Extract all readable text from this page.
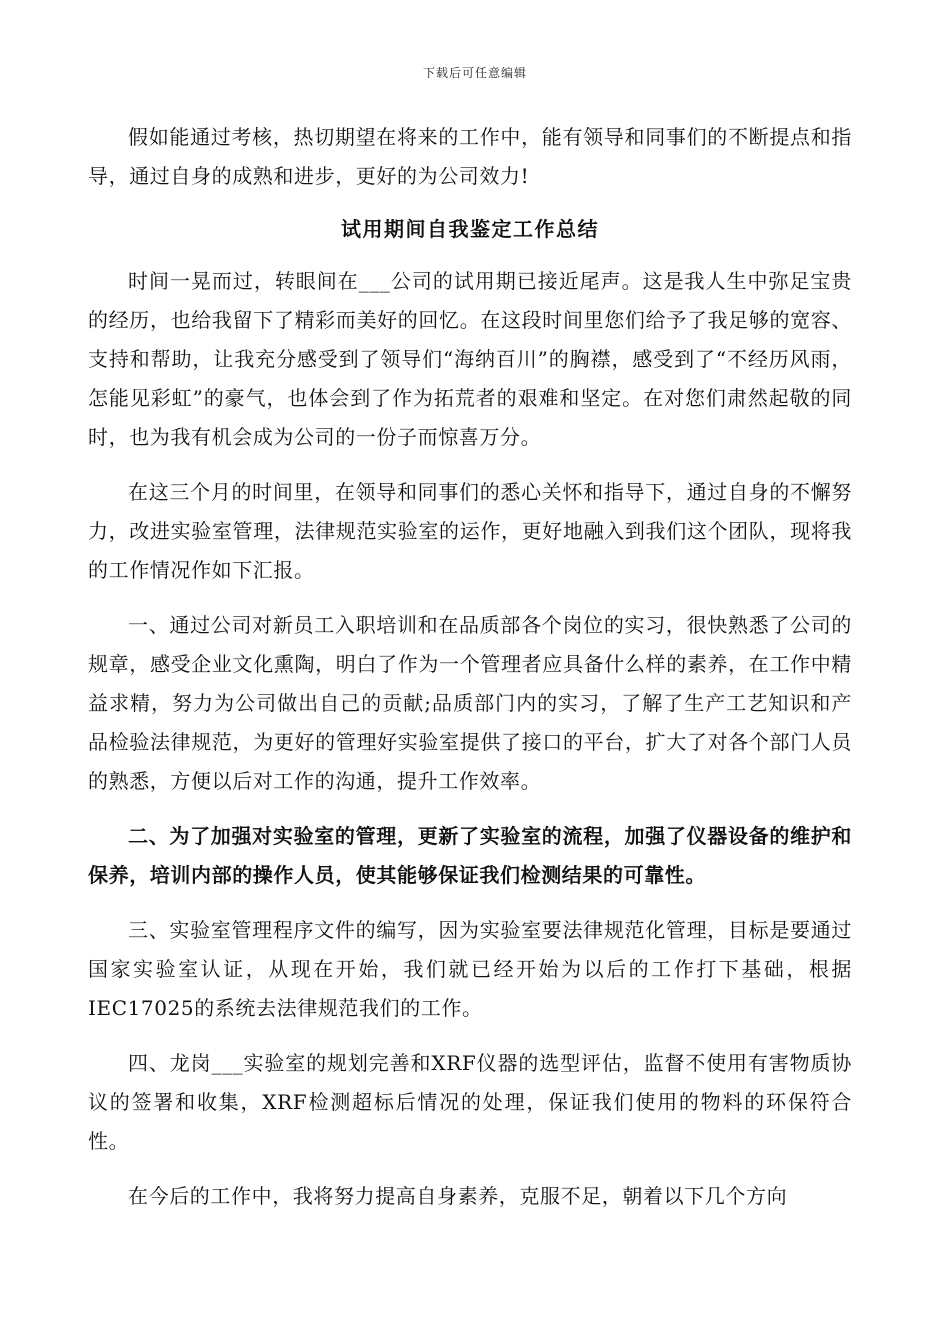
下载后可任意编辑

假如能通过考核，热切期望在将来的工作中，能有领导和同事们的不断提点和指导，通过自身的成熟和进步，更好的为公司效力!

试用期间自我鉴定工作总结

时间一晃而过，转眼间在___公司的试用期已接近尾声。这是我人生中弥足宝贵的经历，也给我留下了精彩而美好的回忆。在这段时间里您们给予了我足够的宽容、支持和帮助，让我充分感受到了领导们“海纳百川”的胸襟，感受到了“不经历风雨，怎能见彩虹”的豪气，也体会到了作为拓荒者的艰难和坚定。在对您们肃然起敬的同时，也为我有机会成为公司的一份子而惊喜万分。

在这三个月的时间里，在领导和同事们的悉心关怀和指导下，通过自身的不懈努力，改进实验室管理，法律规范实验室的运作，更好地融入到我们这个团队，现将我的工作情况作如下汇报。

一、通过公司对新员工入职培训和在品质部各个岗位的实习，很快熟悉了公司的规章，感受企业文化熏陶，明白了作为一个管理者应具备什么样的素养，在工作中精益求精，努力为公司做出自己的贡献;品质部门内的实习，了解了生产工艺知识和产品检验法律规范，为更好的管理好实验室提供了接口的平台，扩大了对各个部门人员的熟悉，方便以后对工作的沟通，提升工作效率。

二、为了加强对实验室的管理，更新了实验室的流程，加强了仪器设备的维护和保养，培训内部的操作人员，使其能够保证我们检测结果的可靠性。

三、实验室管理程序文件的编写，因为实验室要法律规范化管理，目标是要通过国家实验室认证，从现在开始，我们就已经开始为以后的工作打下基础，根据IEC17025的系统去法律规范我们的工作。

四、龙岗___实验室的规划完善和XRF仪器的选型评估，监督不使用有害物质协议的签署和收集，XRF检测超标后情况的处理，保证我们使用的物料的环保符合性。

在今后的工作中，我将努力提高自身素养，克服不足，朝着以下几个方向
